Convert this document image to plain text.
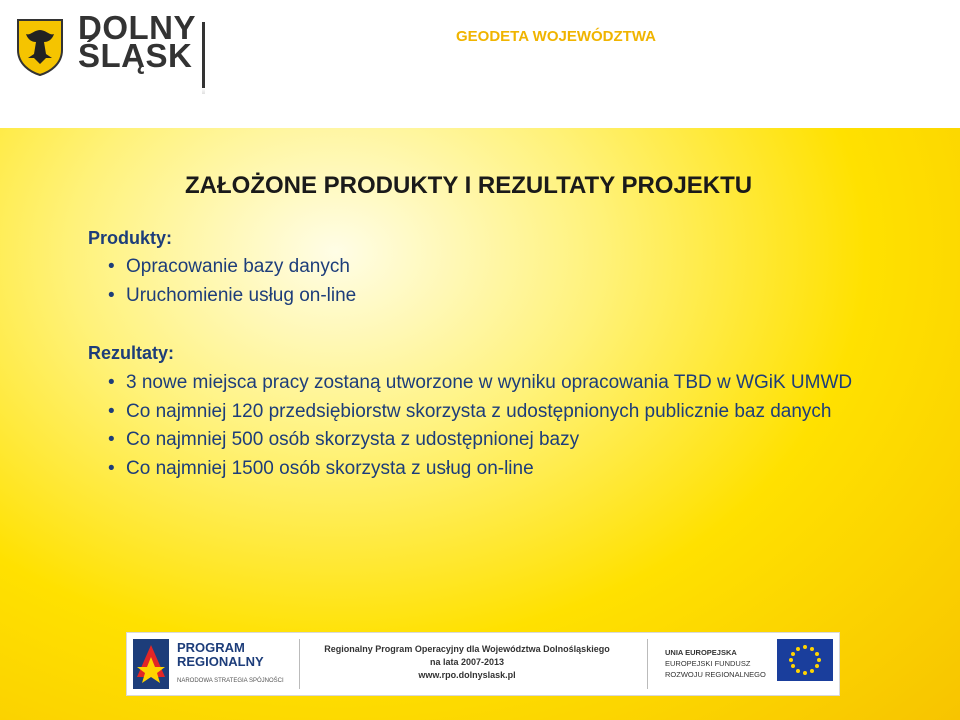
DOLNY
ŚLĄSK
GEODETA WOJEWÓDZTWA
ZAŁOŻONE PRODUKTY I REZULTATY PROJEKTU
Produkty:
• Opracowanie bazy danych
• Uruchomienie usług on-line
Rezultaty:
• 3 nowe miejsca pracy zostaną utworzone w wyniku opracowania TBD w WGiK UMWD
• Co najmniej 120 przedsiębiorstw skorzysta z udostępnionych publicznie baz danych
• Co najmniej 500 osób skorzysta z udostępnionej bazy
• Co najmniej 1500 osób skorzysta z usług on-line
PROGRAM
REGIONALNY
NARODOWA STRATEGIA SPÓJNOŚCI
Regionalny Program Operacyjny dla Województwa Dolnośląskiego
na lata 2007-2013
www.rpo.dolnyslask.pl
UNIA EUROPEJSKA
EUROPEJSKI FUNDUSZ
ROZWOJU REGIONALNEGO
